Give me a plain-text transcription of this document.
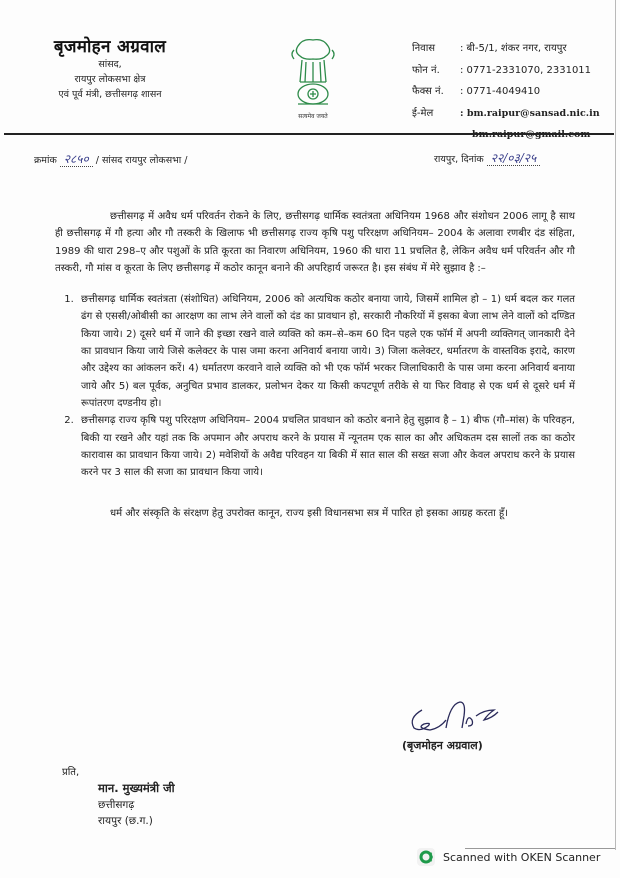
बृजमोहन अग्रवाल
सांसद,
रायपुर लोकसभा क्षेत्र
एवं पूर्व मंत्री, छत्तीसगढ़ शासन
सत्यमेव जयते
निवास : बी-5/1, शंकर नगर, रायपुर
फोन नं. : 0771-2331070, 2331011
फैक्स नं. : 0771-4049410
ई-मेल	: bm.raipur@sansad.nic.in
क्रमांक २८५० / सांसद रायपुर लोकसभा /	रायपुर, दिनांक २२/०३/२५

छत्तीसगढ़ में अवैध धर्म परिवर्तन रोकने के लिए, छत्तीसगढ़ धार्मिक स्वतंत्रता अधिनियम 1968 और संशोधन 2006 लागू है साथ ही छत्तीसगढ़ में गौ हत्या और गौ तस्करी के खिलाफ भी छत्तीसगढ़ राज्य कृषि पशु परिरक्षण अधिनियम– 2004 के अलावा रणबीर दंड संहिता, 1989 की धारा 298–ए और पशुओं के प्रति कूरता का निवारण अधिनियम, 1960 की धारा 11 प्रचलित है, लेकिन अवैध धर्म परिवर्तन और गौ तस्करी, गौ मांस व कूरता के लिए छत्तीसगढ़ में कठोर कानून बनाने की अपरिहार्य जरूरत है। इस संबंध में मेरे सुझाव है :–

1. छत्तीसगढ़ धार्मिक स्वतंत्रता (संशोधित) अधिनियम, 2006 को अत्यधिक कठोर बनाया जाये, जिसमें शामिल हो – 1) धर्म बदल कर गलत ढंग से एससी/ओबीसी का आरक्षण का लाभ लेने वालों को दंड का प्रावधान हो, सरकारी नौकरियों में इसका बेजा लाभ लेने वालों को दण्डित किया जाये। 2) दूसरे धर्म में जाने की इच्छा रखने वाले व्यक्ति को कम–से–कम 60 दिन पहले एक फॉर्म में अपनी व्यक्तिगत् जानकारी देने का प्रावधान किया जाये जिसे कलेक्टर के पास जमा करना अनिवार्य बनाया जाये। 3) जिला कलेक्टर, धर्मातरण के वास्तविक इरादे, कारण और उद्देश्य का आंकलन करें। 4) धर्मातरण करवाने वाले व्यक्ति को भी एक फॉर्म भरकर जिलाधिकारी के पास जमा करना अनिवार्य बनाया जाये और 5) बल पूर्वक, अनुचित प्रभाव डालकर, प्रलोभन देकर या किसी कपटपूर्ण तरीके से या फिर विवाह से एक धर्म से दूसरे धर्म में रूपांतरण दण्डनीय हो।
2. छत्तीसगढ़ राज्य कृषि पशु परिरक्षण अधिनियम– 2004 प्रचलित प्रावधान को कठोर बनाने हेतु सुझाव है – 1) बीफ (गौ–मांस) के परिवहन, बिकी या रखने और यहां तक कि अपमान और अपराध करने के प्रयास में न्यूनतम एक साल का और अधिकतम दस सालों तक का कठोर कारावास का प्रावधान किया जाये। 2) मवेशियों के अवैद्य परिवहन या बिकी में सात साल की सख्त सजा और केवल अपराध करने के प्रयास करने पर 3 साल की सजा का प्रावधान किया जाये।

धर्म और संस्कृति के संरक्षण हेतु उपरोक्त कानून, राज्य इसी विधानसभा सत्र में पारित हो इसका आग्रह करता हूँ।

(बृजमोहन अग्रवाल)
प्रति,
मान. मुख्यमंत्री जी
छत्तीसगढ़
रायपुर (छ.ग.)
Scanned with OKEN Scanner
